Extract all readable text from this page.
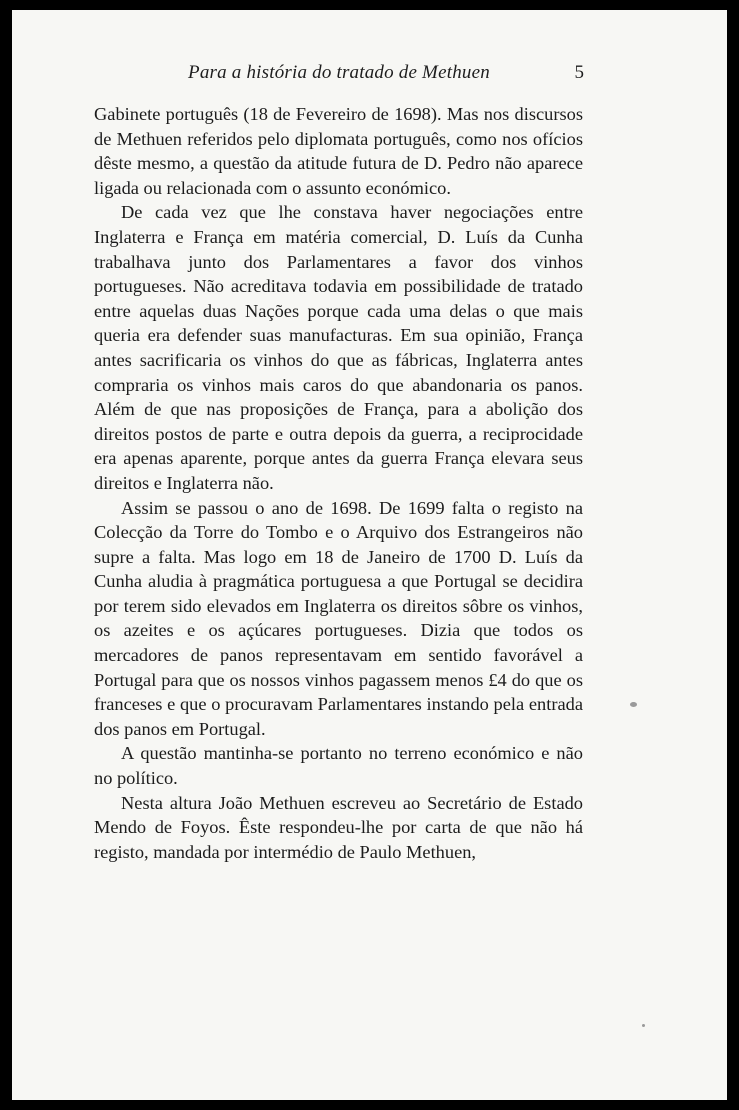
Para a história do tratado de Methuen	5

Gabinete português (18 de Fevereiro de 1698). Mas nos discursos de Methuen referidos pelo diplomata português, como nos ofícios dêste mesmo, a questão da atitude futura de D. Pedro não aparece ligada ou relacionada com o assunto económico.

De cada vez que lhe constava haver negociações entre Inglaterra e França em matéria comercial, D. Luís da Cunha trabalhava junto dos Parlamentares a favor dos vinhos portugueses. Não acreditava todavia em possibilidade de tratado entre aquelas duas Nações porque cada uma delas o que mais queria era defender suas manufacturas. Em sua opinião, França antes sacrificaria os vinhos do que as fábricas, Inglaterra antes compraria os vinhos mais caros do que abandonaria os panos. Além de que nas proposições de França, para a abolição dos direitos postos de parte e outra depois da guerra, a reciprocidade era apenas aparente, porque antes da guerra França elevara seus direitos e Inglaterra não.

Assim se passou o ano de 1698. De 1699 falta o registo na Colecção da Torre do Tombo e o Arquivo dos Estrangeiros não supre a falta. Mas logo em 18 de Janeiro de 1700 D. Luís da Cunha aludia à pragmática portuguesa a que Portugal se decidira por terem sido elevados em Inglaterra os direitos sôbre os vinhos, os azeites e os açúcares portugueses. Dizia que todos os mercadores de panos representavam em sentido favorável a Portugal para que os nossos vinhos pagassem menos £4 do que os franceses e que o procuravam Parlamentares instando pela entrada dos panos em Portugal.

A questão mantinha-se portanto no terreno económico e não no político.

Nesta altura João Methuen escreveu ao Secretário de Estado Mendo de Foyos. Êste respondeu-lhe por carta de que não há registo, mandada por intermédio de Paulo Methuen,
